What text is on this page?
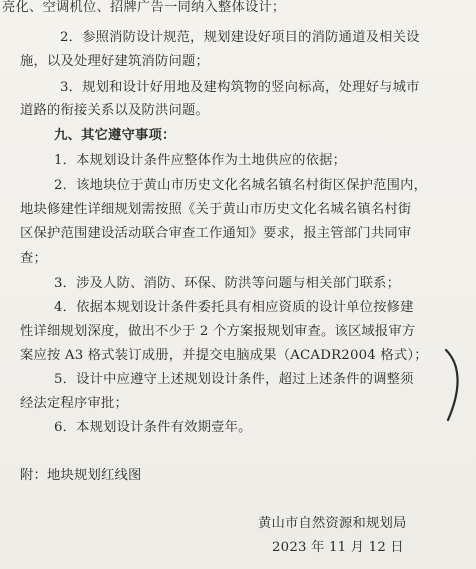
亮化、空调机位、招牌广告一同纳入整体设计；
2．参照消防设计规范，规划建设好项目的消防通道及相关设
施，以及处理好建筑消防问题；
3．规划和设计好用地及建构筑物的竖向标高，处理好与城市
道路的衔接关系以及防洪问题。
九、其它遵守事项：
1．本规划设计条件应整体作为土地供应的依据；
2．该地块位于黄山市历史文化名城名镇名村街区保护范围内，
地块修建性详细规划需按照《关于黄山市历史文化名城名镇名村街
区保护范围建设活动联合审查工作通知》要求，报主管部门共同审
查；
3．涉及人防、消防、环保、防洪等问题与相关部门联系；
4．依据本规划设计条件委托具有相应资质的设计单位按修建
性详细规划深度，做出不少于 2 个方案报规划审查。该区域报审方
案应按 A3 格式装订成册，并提交电脑成果（ACADR2004 格式）；
5．设计中应遵守上述规划设计条件，超过上述条件的调整须
经法定程序审批；
6．本规划设计条件有效期壹年。
附：地块规划红线图
黄山市自然资源和规划局
2023 年 11 月 12 日
